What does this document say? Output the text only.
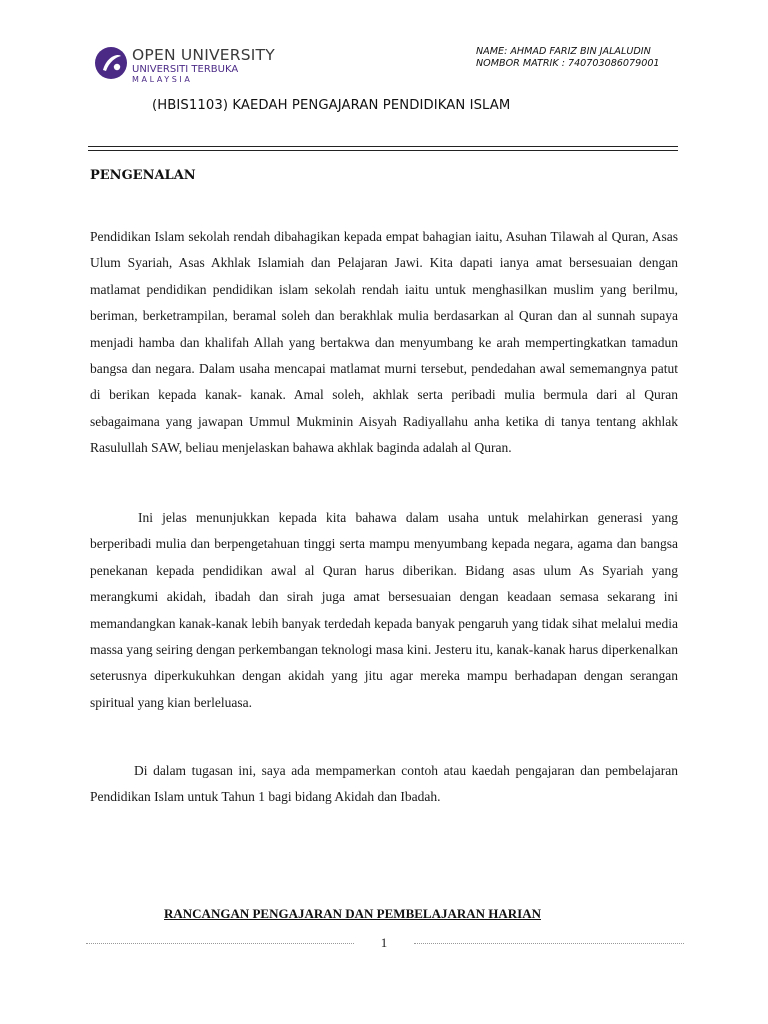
OPEN UNIVERSITY
UNIVERSITI TERBUKA
MALAYSIA
NAME: AHMAD FARIZ BIN JALALUDIN
NOMBOR MATRIK : 740703086079001
(HBIS1103) KAEDAH PENGAJARAN PENDIDIKAN ISLAM
PENGENALAN
Pendidikan Islam sekolah rendah dibahagikan kepada empat bahagian iaitu, Asuhan Tilawah al Quran, Asas Ulum Syariah, Asas Akhlak Islamiah dan Pelajaran Jawi. Kita dapati ianya amat bersesuaian dengan matlamat pendidikan pendidikan islam sekolah rendah iaitu untuk menghasilkan muslim yang berilmu, beriman, berketrampilan, beramal soleh dan berakhlak mulia berdasarkan al Quran dan al sunnah supaya menjadi hamba dan khalifah Allah yang bertakwa dan menyumbang ke arah mempertingkatkan tamadun bangsa dan negara. Dalam usaha mencapai matlamat murni tersebut, pendedahan awal sememangnya patut di berikan kepada kanak- kanak. Amal soleh, akhlak serta peribadi mulia bermula dari al Quran sebagaimana yang jawapan Ummul Mukminin Aisyah Radiyallahu anha ketika di tanya tentang akhlak Rasulullah SAW, beliau menjelaskan bahawa akhlak baginda adalah al Quran.
Ini jelas menunjukkan kepada kita bahawa dalam usaha untuk melahirkan generasi yang berperibadi mulia dan berpengetahuan tinggi serta mampu menyumbang kepada negara, agama dan bangsa penekanan kepada pendidikan awal al Quran harus diberikan. Bidang asas ulum As Syariah yang merangkumi akidah, ibadah dan sirah juga amat bersesuaian dengan keadaan semasa sekarang ini memandangkan kanak-kanak lebih banyak terdedah kepada banyak pengaruh yang tidak sihat melalui media massa yang seiring dengan perkembangan teknologi masa kini. Jesteru itu, kanak-kanak harus diperkenalkan seterusnya diperkukuhkan dengan akidah yang jitu agar mereka mampu berhadapan dengan serangan spiritual yang kian berleluasa.
Di dalam tugasan ini, saya ada mempamerkan contoh atau kaedah pengajaran dan pembelajaran Pendidikan Islam untuk Tahun 1 bagi bidang Akidah dan Ibadah.
RANCANGAN PENGAJARAN DAN PEMBELAJARAN HARIAN
1
